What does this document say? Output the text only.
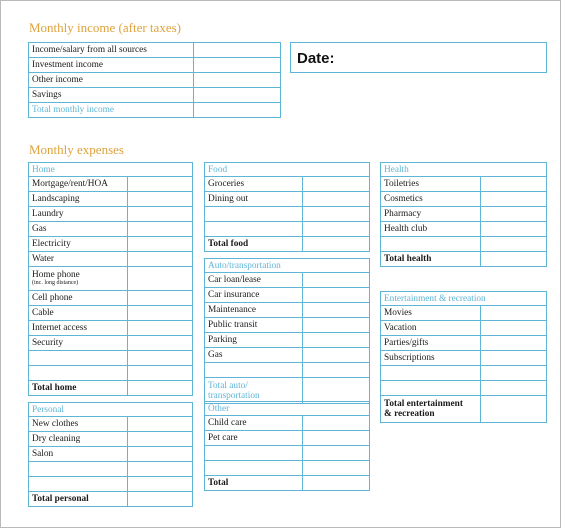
Monthly income (after taxes)
Income/salary from all sources	
Investment income	
Other income	
Savings	
Total monthly income	
Date:
Monthly expenses
Home	
Mortgage/rent/HOA	
Landscaping	
Laundry	
Gas	
Electricity	
Water	
Home phone
(inc. long distance)	

Cell phone	
Cable	
Internet access	
Security	

Total home	
Personal	
New clothes	
Dry cleaning	
Salon	

Total personal	
Food	
Groceries	
Dining out	

Total food	
Auto/transportation	
Car loan/lease	
Car insurance	
Maintenance	
Public transit	
Parking	
Gas	

Total auto/
transportation	

Other	
Child care	
Pet care	

Total	
Health	
Toiletries	
Cosmetics	
Pharmacy	
Health club	

Total health	
Entertainment & recreation	
Movies	
Vacation	
Parties/gifts	
Subscriptions	

Total entertainment
& recreation	
